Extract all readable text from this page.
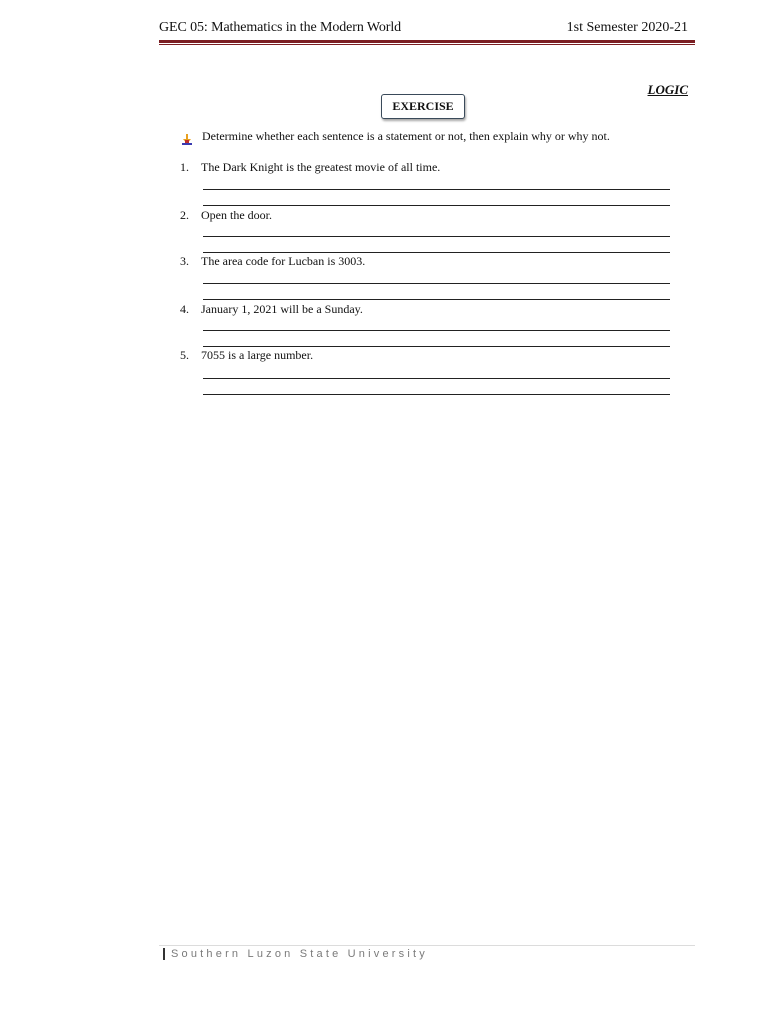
GEC 05: Mathematics in the Modern World	1st Semester 2020-21
LOGIC
EXERCISE
Determine whether each sentence is a statement or not, then explain why or why not.
1. The Dark Knight is the greatest movie of all time.
2. Open the door.
3. The area code for Lucban is 3003.
4. January 1, 2021 will be a Sunday.
5. 7055 is a large number.
Southern Luzon State University
